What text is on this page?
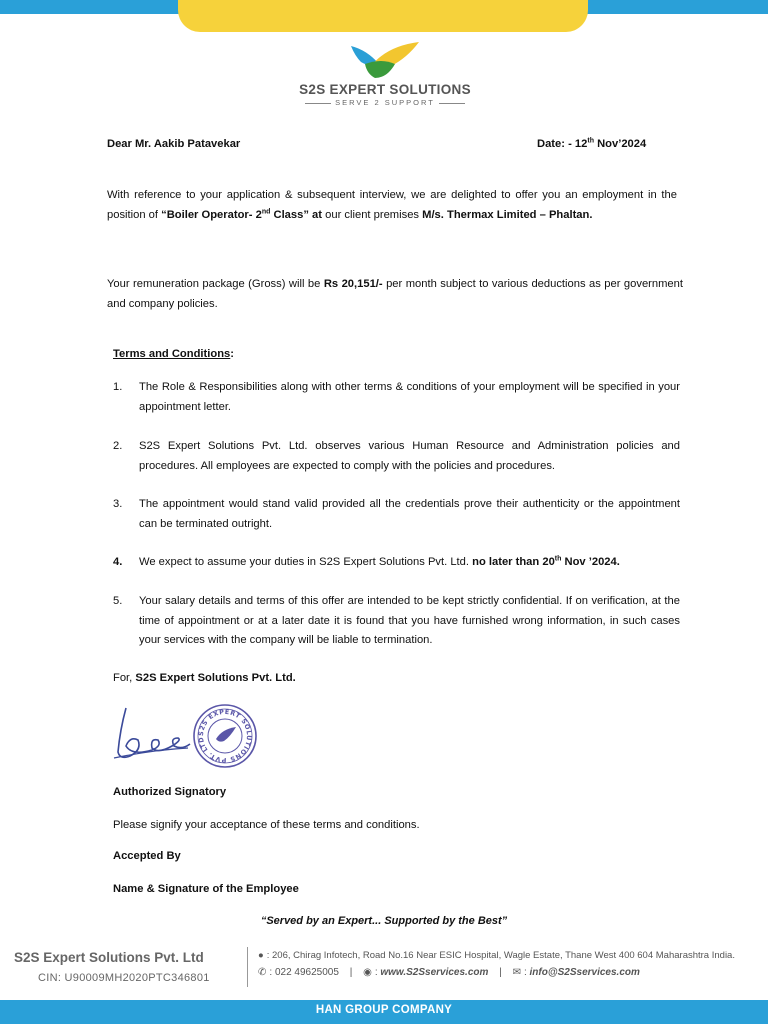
S2S EXPERT SOLUTIONS
SERVE 2 SUPPORT
Dear Mr. Aakib Patavekar	Date: - 12th Nov’2024
With reference to your application & subsequent interview, we are delighted to offer you an employment in the position of “Boiler Operator- 2nd Class” at our client premises M/s. Thermax Limited – Phaltan.
Your remuneration package (Gross) will be Rs 20,151/- per month subject to various deductions as per government and company policies.
Terms and Conditions:
1. The Role & Responsibilities along with other terms & conditions of your employment will be specified in your appointment letter.
2. S2S Expert Solutions Pvt. Ltd. observes various Human Resource and Administration policies and procedures. All employees are expected to comply with the policies and procedures.
3. The appointment would stand valid provided all the credentials prove their authenticity or the appointment can be terminated outright.
4. We expect to assume your duties in S2S Expert Solutions Pvt. Ltd. no later than 20th Nov ’2024.
5. Your salary details and terms of this offer are intended to be kept strictly confidential. If on verification, at the time of appointment or at a later date it is found that you have furnished wrong information, in such cases your services with the company will be liable to termination.
For, S2S Expert Solutions Pvt. Ltd.
S2S EXPERT SOLUTIONS PVT. LTD
Authorized Signatory
Please signify your acceptance of these terms and conditions.
Accepted By
Name & Signature of the Employee
“Served by an Expert... Supported by the Best”
S2S Expert Solutions Pvt. Ltd
CIN: U90009MH2020PTC346801
● : 206, Chirag Infotech, Road No.16 Near ESIC Hospital, Wagle Estate, Thane West 400 604 Maharashtra India.
✆ : 022 49625005 | ◉ : www.S2Sservices.com | ✉ : info@S2Sservices.com
HAN GROUP COMPANY
